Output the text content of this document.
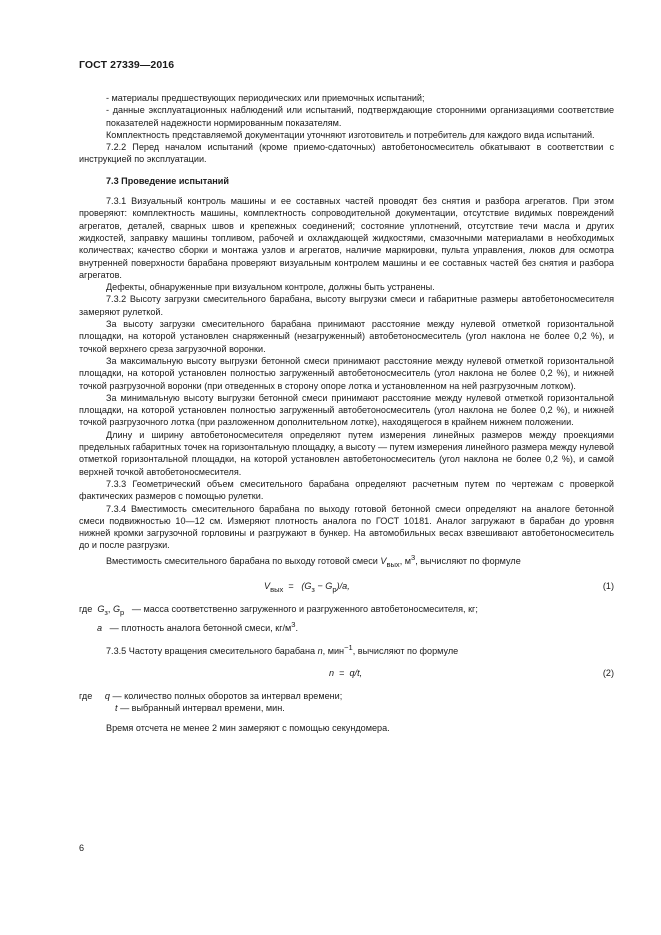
ГОСТ 27339—2016

- материалы предшествующих периодических или приемочных испытаний;

- данные эксплуатационных наблюдений или испытаний, подтверждающие сторонними организациями соответствие показателей надежности нормированным показателям.

Комплектность представляемой документации уточняют изготовитель и потребитель для каждого вида испытаний.

7.2.2 Перед началом испытаний (кроме приемо-сдаточных) автобетоносмеситель обкатывают в соответствии с инструкцией по эксплуатации.

7.3 Проведение испытаний

7.3.1 Визуальный контроль машины и ее составных частей проводят без снятия и разбора агрегатов. При этом проверяют: комплектность машины, комплектность сопроводительной документации, отсутствие видимых повреждений агрегатов, деталей, сварных швов и крепежных соединений; состояние уплотнений, отсутствие течи масла и других жидкостей, заправку машины топливом, рабочей и охлаждающей жидкостями, смазочными материалами в необходимых количествах; качество сборки и монтажа узлов и агрегатов, наличие маркировки, пульта управления, люков для осмотра внутренней поверхности барабана проверяют визуальным контролем машины и ее составных частей без снятия и разбора агрегатов.

Дефекты, обнаруженные при визуальном контроле, должны быть устранены.

7.3.2 Высоту загрузки смесительного барабана, высоту выгрузки смеси и габаритные размеры автобетоносмесителя замеряют рулеткой.

За высоту загрузки смесительного барабана принимают расстояние между нулевой отметкой горизонтальной площадки, на которой установлен снаряженный (незагруженный) автобетоносмеситель (угол наклона не более 0,2 %), и точкой верхнего среза загрузочной воронки.

За максимальную высоту выгрузки бетонной смеси принимают расстояние между нулевой отметкой горизонтальной площадки, на которой установлен полностью загруженный автобетоносмеситель (угол наклона не более 0,2 %), и нижней точкой разгрузочной воронки (при отведенных в сторону опоре лотка и установленном на ней разгрузочным лотком).

За минимальную высоту выгрузки бетонной смеси принимают расстояние между нулевой отметкой горизонтальной площадки, на которой установлен полностью загруженный автобетоносмеситель (угол наклона не более 0,2 %), и нижней точкой разгрузочного лотка (при разложенном дополнительном лотке), находящегося в крайнем нижнем положении.

Длину и ширину автобетоносмесителя определяют путем измерения линейных размеров между проекциями предельных габаритных точек на горизонтальную площадку, а высоту — путем измерения линейного размера между нулевой отметкой горизонтальной площадки, на которой установлен автобетоносмеситель (угол наклона не более 0,2 %), и самой верхней точкой автобетоносмесителя.

7.3.3 Геометрический объем смесительного барабана определяют расчетным путем по чертежам с проверкой фактических размеров с помощью рулетки.

7.3.4 Вместимость смесительного барабана по выходу готовой бетонной смеси определяют на аналоге бетонной смеси подвижностью 10—12 см. Измеряют плотность аналога по ГОСТ 10181. Аналог загружают в барабан до уровня нижней кромки загрузочной горловины и разгружают в бункер. На автомобильных весах взвешивают автобетоносмеситель до и после разгрузки.

Вместимость смесительного барабана по выходу готовой смеси $V_{вых}$, $м^3$, вычисляют по формуле

$V_{вых} = (G_з - G_р)/a$,	(1)

где $G_з$, $G_р$ — масса соответственно загруженного и разгруженного автобетоносмесителя, кг;

a — плотность аналога бетонной смеси, $кг/м^3$.

7.3.5 Частоту вращения смесительного барабана n, мин$^{-1}$, вычисляют по формуле

n = q/t,	(2)

где q — количество полных оборотов за интервал времени;

t — выбранный интервал времени, мин.

Время отсчета не менее 2 мин замеряют с помощью секундомера.

6
